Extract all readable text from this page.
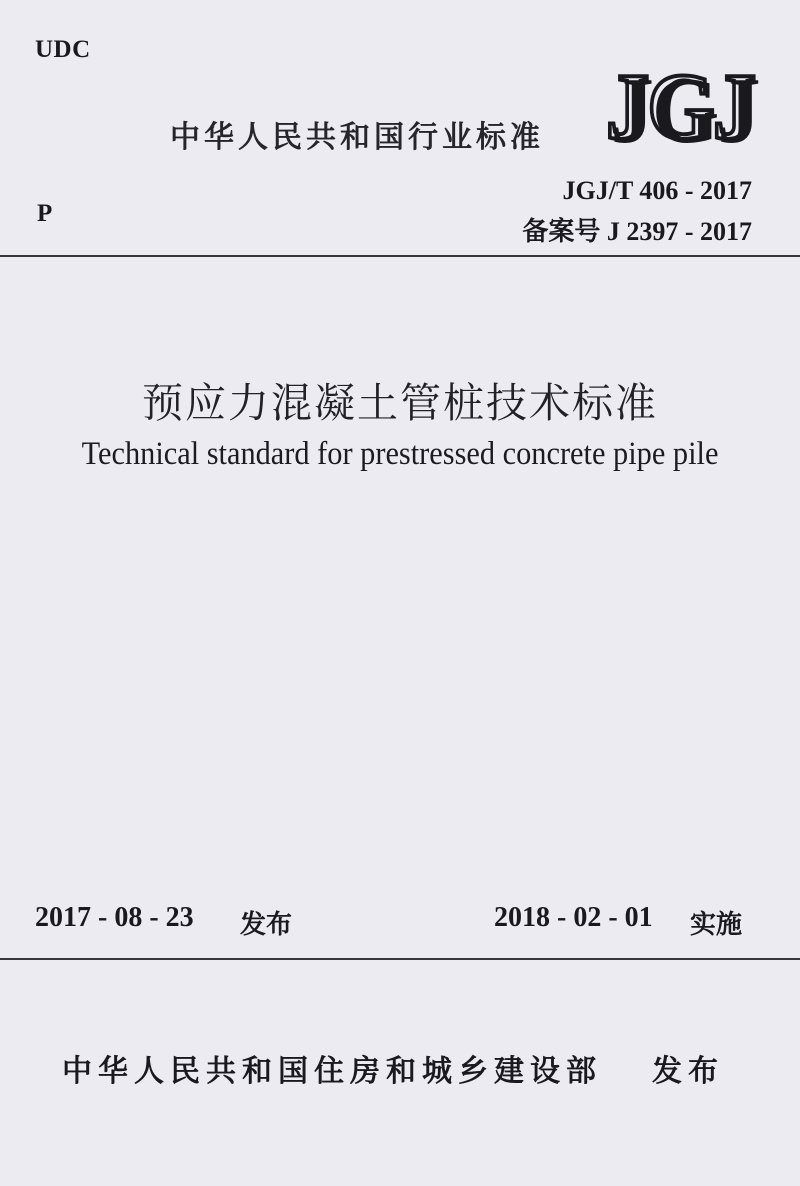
UDC
中华人民共和国行业标准 JGJ
JGJ/T 406 - 2017
备案号 J 2397 - 2017
P
预应力混凝土管桩技术标准
Technical standard for prestressed concrete pipe pile
2017 - 08 - 23 发布	2018 - 02 - 01 实施
中华人民共和国住房和城乡建设部 发布
